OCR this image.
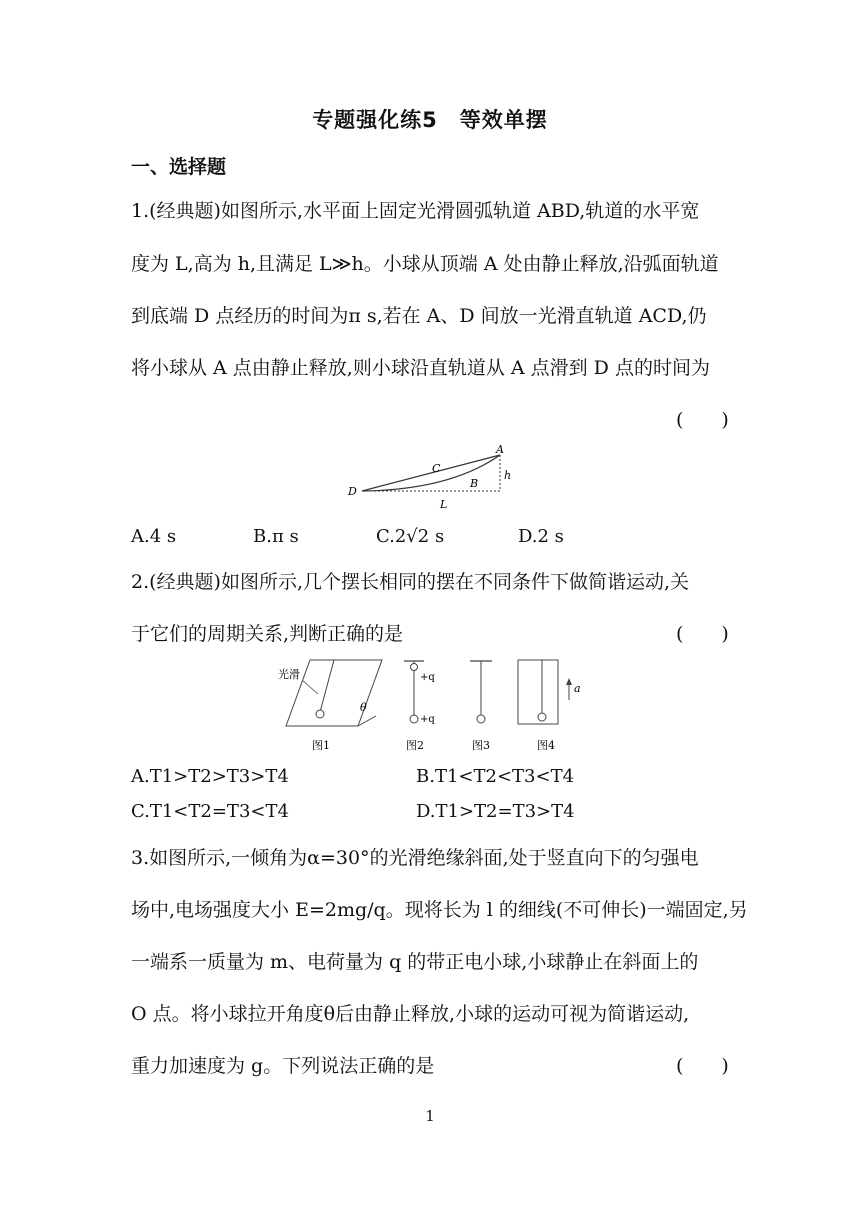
专题强化练5　等效单摆
一、选择题
1.(经典题)如图所示,水平面上固定光滑圆弧轨道 ABD,轨道的水平宽
度为 L,高为 h,且满足 L≫h。小球从顶端 A 处由静止释放,沿弧面轨道
到底端 D 点经历的时间为π s,若在 A、D 间放一光滑直轨道 ACD,仍
将小球从 A 点由静止释放,则小球沿直轨道从 A 点滑到 D 点的时间为
(　　)
A
C
B
D
h
L
A.4 s	B.π s	C.2√2 s	D.2 s
2.(经典题)如图所示,几个摆长相同的摆在不同条件下做简谐运动,关
于它们的周期关系,判断正确的是	(　　)
光滑
θ
图1
+q
+q
图2	图3
a
图4
A.T1>T2>T3>T4	B.T1<T2<T3<T4
C.T1<T2=T3<T4	D.T1>T2=T3>T4
3.如图所示,一倾角为α=30°的光滑绝缘斜面,处于竖直向下的匀强电
场中,电场强度大小 E=2mg/q。现将长为 l 的细线(不可伸长)一端固定,另
一端系一质量为 m、电荷量为 q 的带正电小球,小球静止在斜面上的
O 点。将小球拉开角度θ后由静止释放,小球的运动可视为简谐运动,
重力加速度为 g。下列说法正确的是	(　　)
1
